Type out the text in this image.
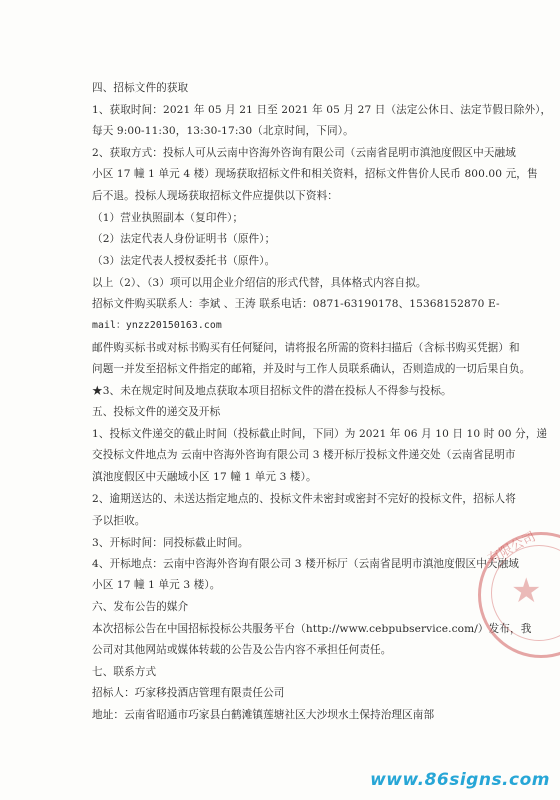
四、招标文件的获取
1、获取时间：2021 年 05 月 21 日至 2021 年 05 月 27 日（法定公休日、法定节假日除外），
每天 9:00-11:30，13:30-17:30（北京时间，下同）。
2、获取方式：投标人可从云南中咨海外咨询有限公司（云南省昆明市滇池度假区中天融域
小区 17 幢 1 单元 4 楼）现场获取招标文件和相关资料，招标文件售价人民币 800.00 元，售
后不退。投标人现场获取招标文件应提供以下资料：
（1）营业执照副本（复印件）；
（2）法定代表人身份证明书（原件）；
（3）法定代表人授权委托书（原件）。
以上（2）、（3）项可以用企业介绍信的形式代替，具体格式内容自拟。
招标文件购买联系人：李斌 、王涛 联系电话：0871-63190178、15368152870 E-
mail：ynzz20150163.com
邮件购买标书或对标书购买有任何疑问，请将报名所需的资料扫描后（含标书购买凭据）和
问题一并发至招标文件指定的邮箱，并及时与工作人员联系确认，否则造成的一切后果自负。
★3、未在规定时间及地点获取本项目招标文件的潜在投标人不得参与投标。
五、投标文件的递交及开标
1、投标文件递交的截止时间（投标截止时间，下同）为 2021 年 06 月 10 日 10 时 00 分，递
交投标文件地点为 云南中咨海外咨询有限公司 3 楼开标厅投标文件递交处（云南省昆明市
滇池度假区中天融域小区 17 幢 1 单元 3 楼）。
2、逾期送达的、未送达指定地点的、投标文件未密封或密封不完好的投标文件，招标人将
予以拒收。
3、开标时间：同投标截止时间。
4、开标地点：云南中咨海外咨询有限公司 3 楼开标厅（云南省昆明市滇池度假区中天融域
小区 17 幢 1 单元 3 楼）。
六、发布公告的媒介
本次招标公告在中国招标投标公共服务平台（http://www.cebpubservice.com/）发布，我
公司对其他网站或媒体转载的公告及公告内容不承担任何责任。
七、联系方式
招标人：巧家移投酒店管理有限责任公司
地址：云南省昭通市巧家县白鹤滩镇莲塘社区大沙坝水土保持治理区南部
★
有限公司
www.86signs.com
